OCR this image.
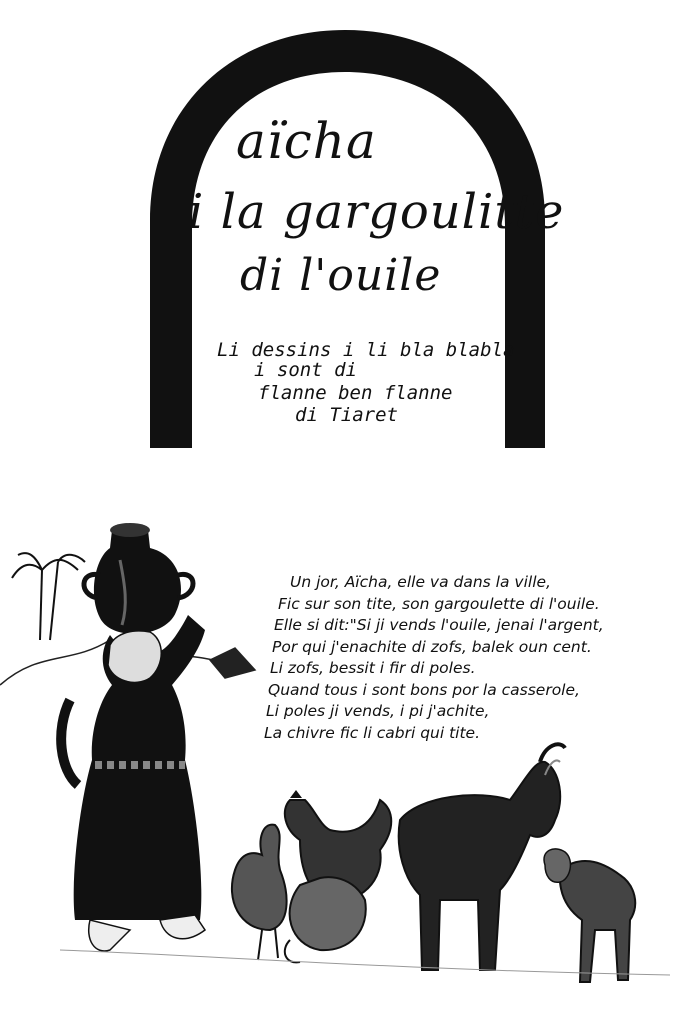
aïcha
i la gargoulitte
di l'ouile
Li dessins i li bla blabla
i sont di
flanne ben flanne
di Tiaret
Un jor, Aïcha, elle va dans la ville,
Fic sur son tite, son gargoulette di l'ouile.
Elle si dit:"Si ji vends l'ouile, jenai l'argent,
Por qui j'enachite di zofs, balek oun cent.
Li zofs, bessit i fir di poles.
Quand tous i sont bons por la casserole,
Li poles ji vends, i pi j'achite,
La chivre fic li cabri qui tite.
